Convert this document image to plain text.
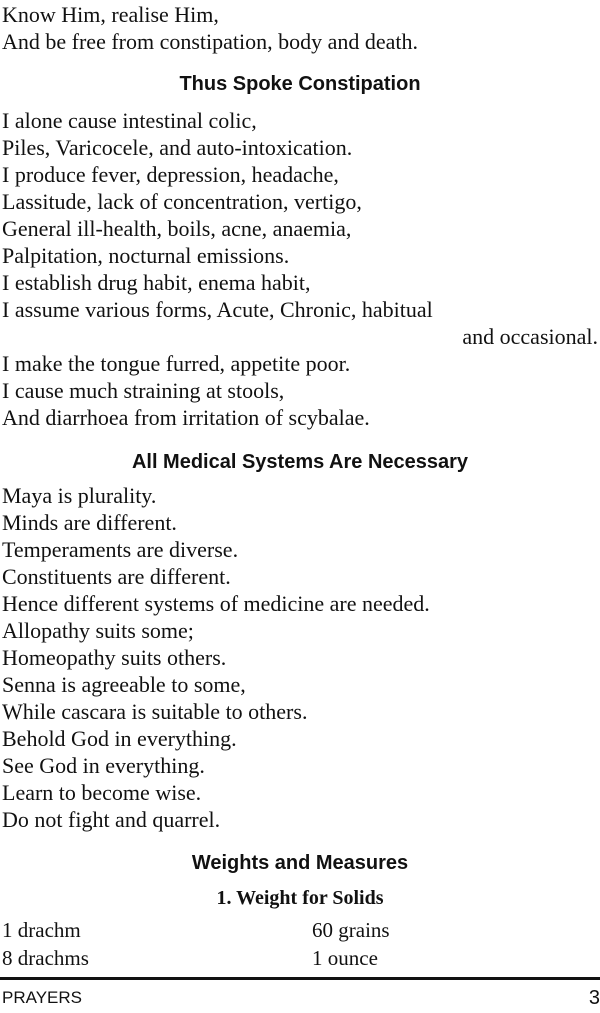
Know Him, realise Him,

And be free from constipation, body and death.

Thus Spoke Constipation

I alone cause intestinal colic,

Piles, Varicocele, and auto-intoxication.

I produce fever, depression, headache,

Lassitude, lack of concentration, vertigo,

General ill-health, boils, acne, anaemia,

Palpitation, nocturnal emissions.

I establish drug habit, enema habit,

I assume various forms, Acute, Chronic, habitual

and occasional.

I make the tongue furred, appetite poor.

I cause much straining at stools,

And diarrhoea from irritation of scybalae.

All Medical Systems Are Necessary

Maya is plurality.

Minds are different.

Temperaments are diverse.

Constituents are different.

Hence different systems of medicine are needed.

Allopathy suits some;

Homeopathy suits others.

Senna is agreeable to some,

While cascara is suitable to others.

Behold God in everything.

See God in everything.

Learn to become wise.

Do not fight and quarrel.

Weights and Measures

1. Weight for Solids

1 drachm	60 grains
8 drachms	1 ounce
PRAYERS	3
